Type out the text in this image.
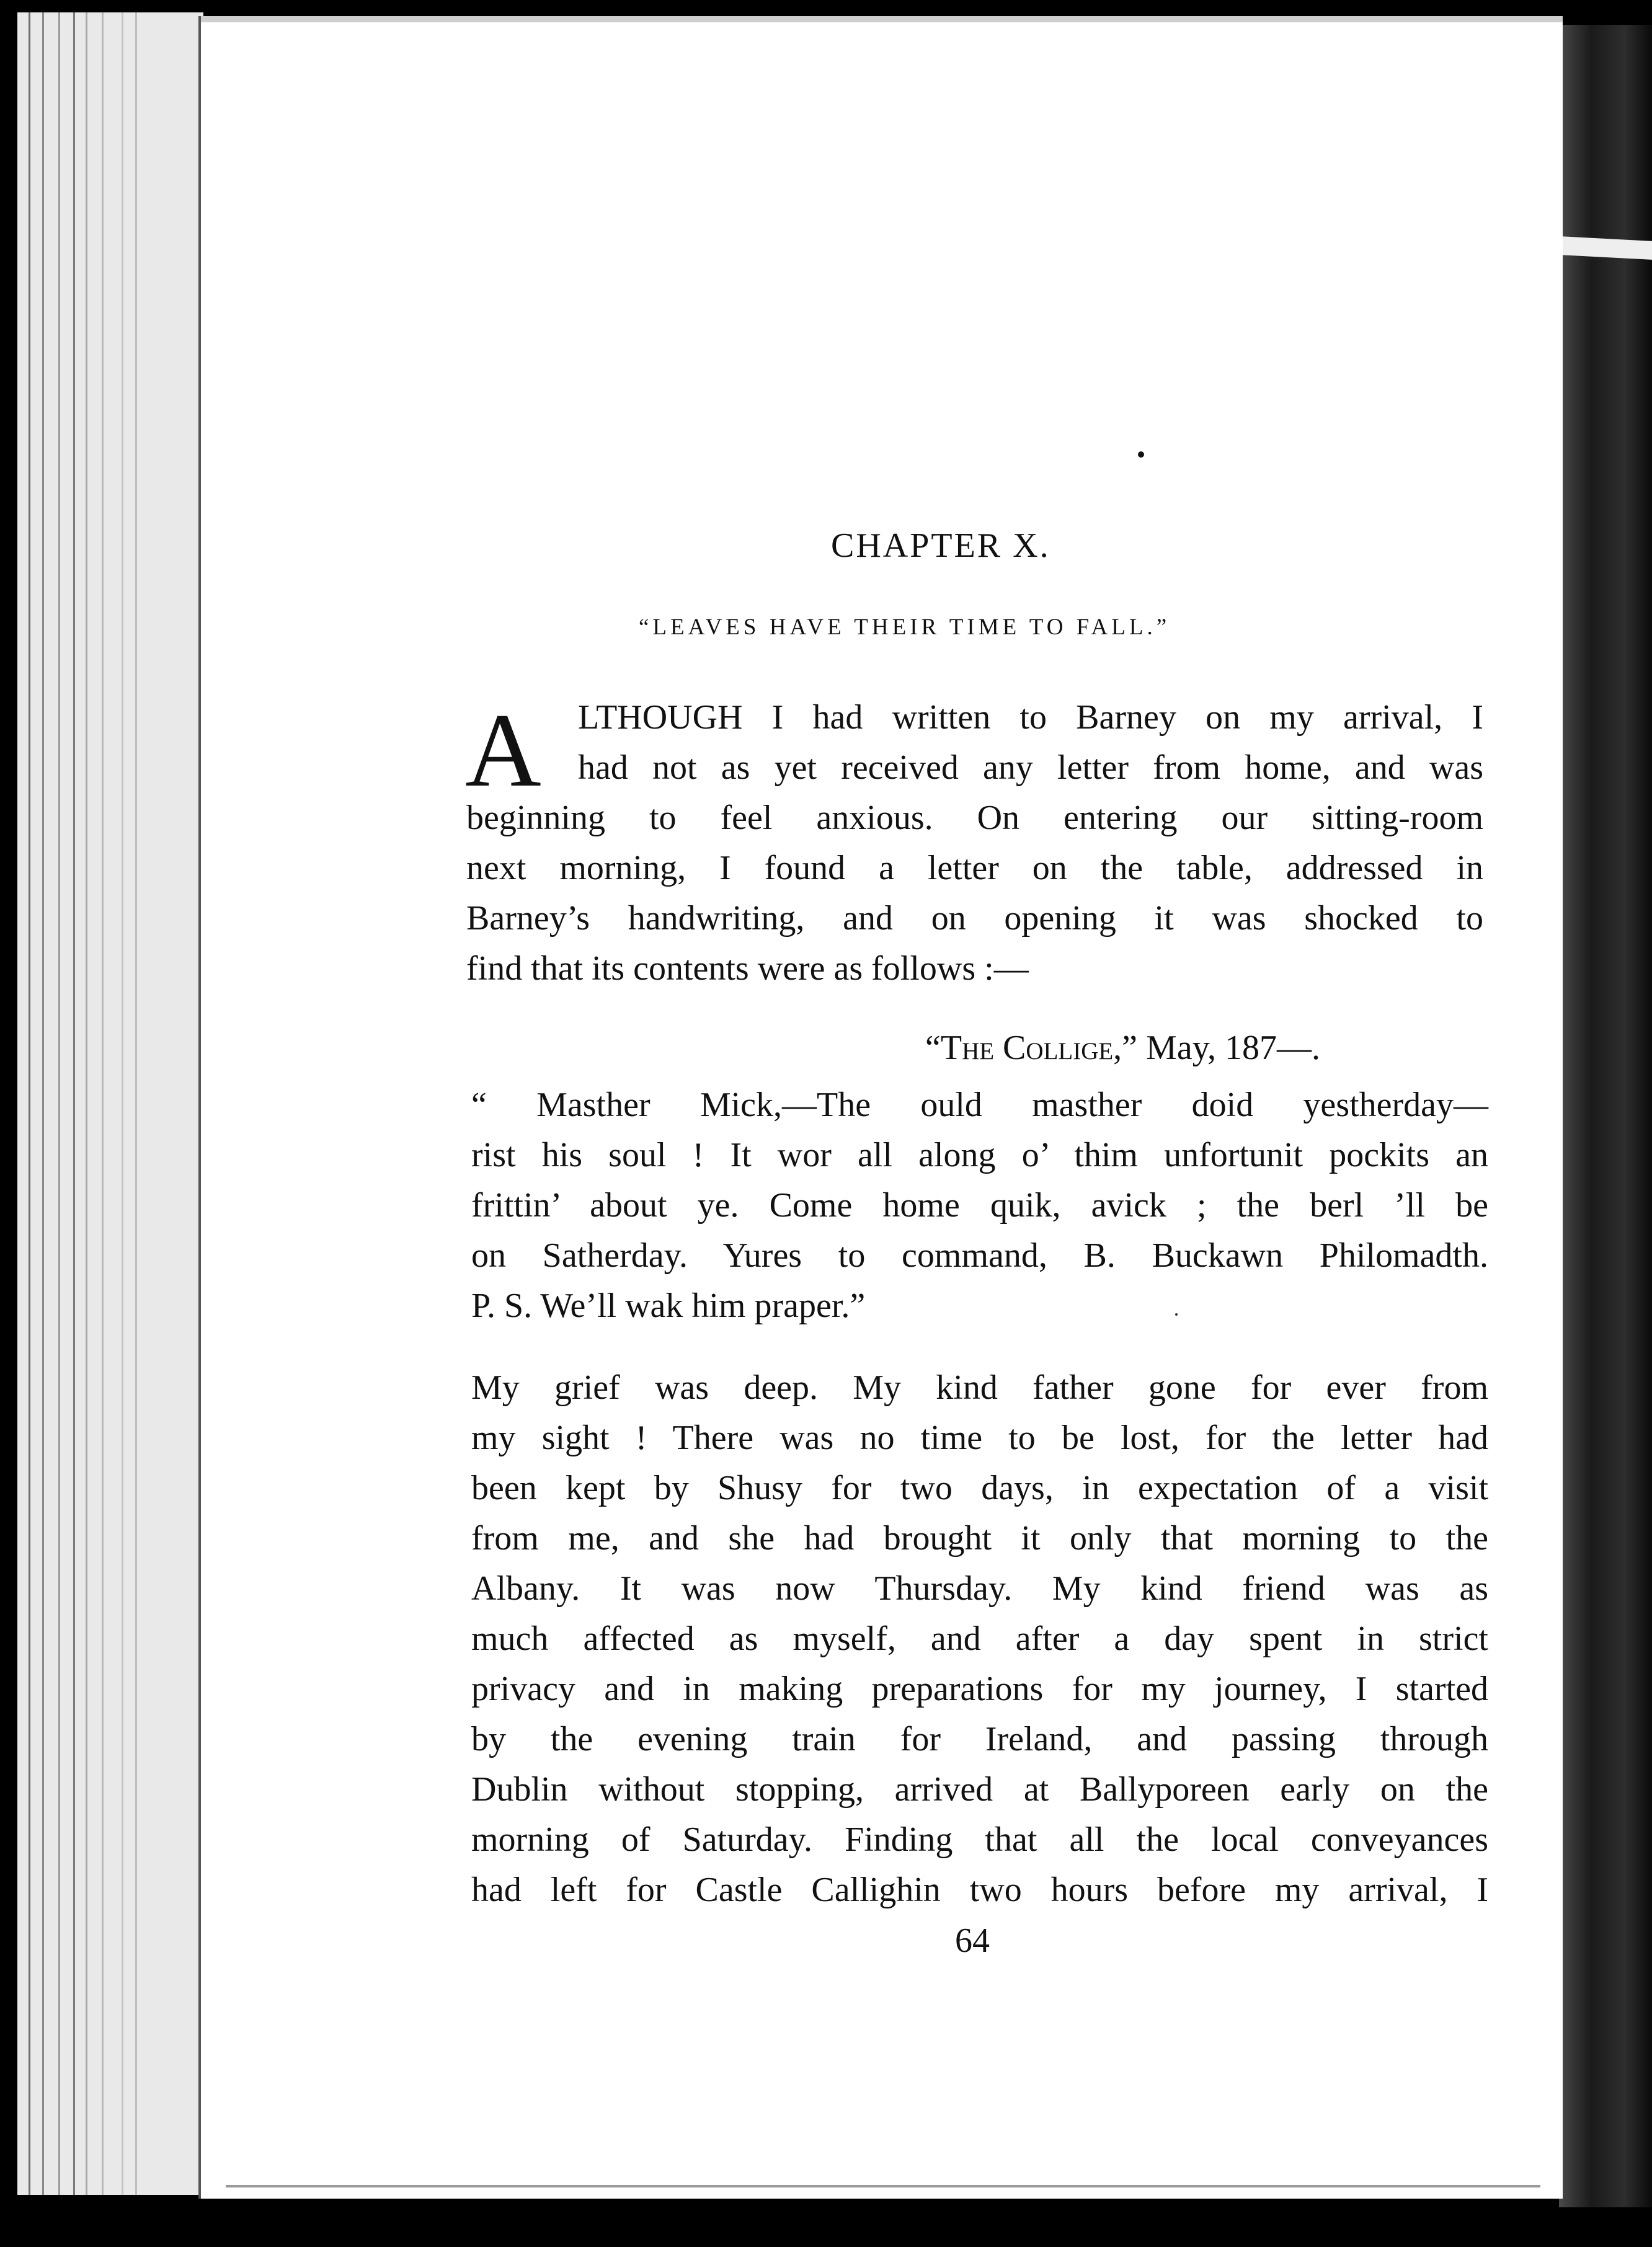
CHAPTER X.
“LEAVES HAVE THEIR TIME TO FALL.”
A LTHOUGH I had written to Barney on my arrival, I
had not as yet received any letter from home, and was
beginning to feel anxious. On entering our sitting-room
next morning, I found a letter on the table, addressed in
Barney’s handwriting, and on opening it was shocked to
find that its contents were as follows :—
“The Collige,” May, 187—.
“ Masther Mick,—The ould masther doid yestherday—
rist his soul ! It wor all along o’ thim unfortunit pockits an
frittin’ about ye. Come home quik, avick ; the berl ’ll be
on Satherday. Yures to command, B. Buckawn Philomadth.
P. S. We’ll wak him praper.”
My grief was deep. My kind father gone for ever from
my sight ! There was no time to be lost, for the letter had
been kept by Shusy for two days, in expectation of a visit
from me, and she had brought it only that morning to the
Albany. It was now Thursday. My kind friend was as
much affected as myself, and after a day spent in strict
privacy and in making preparations for my journey, I started
by the evening train for Ireland, and passing through
Dublin without stopping, arrived at Ballyporeen early on the
morning of Saturday. Finding that all the local conveyances
had left for Castle Callighin two hours before my arrival, I
64
